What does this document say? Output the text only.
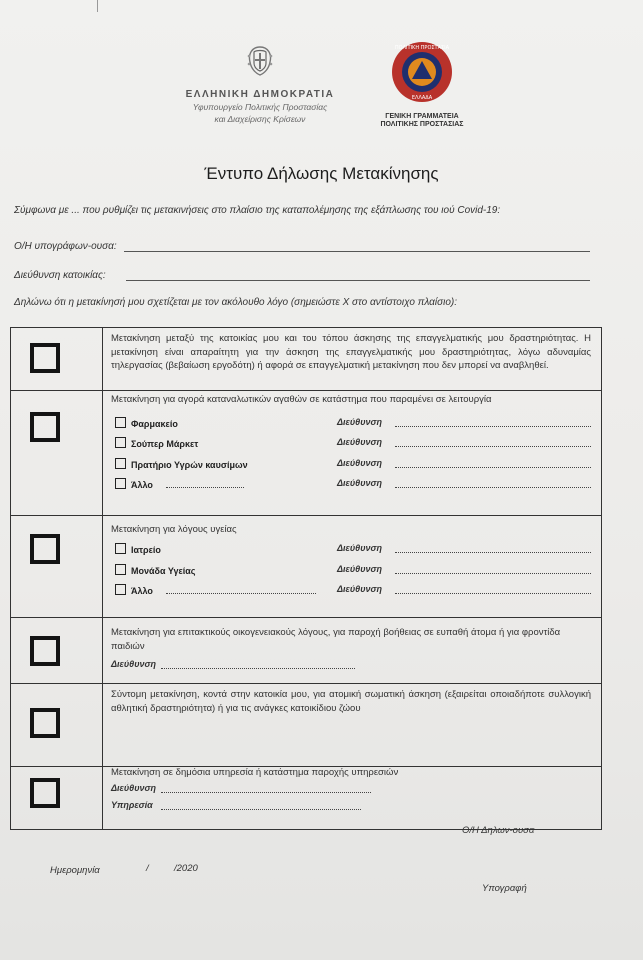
ΕΛΛΗΝΙΚΗ ΔΗΜΟΚΡΑΤΙΑ
Υφυπουργείο Πολιτικής Προστασίας
και Διαχείρισης Κρίσεων
ΠΟΛΙΤΙΚΗ ΠΡΟΣΤΑΣΙΑ
ΕΛΛΑΔΑ
ΓΕΝΙΚΗ ΓΡΑΜΜΑΤΕΙΑ
ΠΟΛΙΤΙΚΗΣ ΠΡΟΣΤΑΣΙΑΣ
Έντυπο Δήλωσης Μετακίνησης
Σύμφωνα με ... που ρυθμίζει τις μετακινήσεις στο πλαίσιο της καταπολέμησης της εξάπλωσης του ιού Covid-19:
Ο/Η υπογράφων-ουσα:
Διεύθυνση κατοικίας:
Δηλώνω ότι η μετακίνησή μου σχετίζεται με τον ακόλουθο λόγο (σημειώστε Χ στο αντίστοιχο πλαίσιο):
Μετακίνηση μεταξύ της κατοικίας μου και του τόπου άσκησης της επαγγελματικής μου δραστηριότητας. Η μετακίνηση είναι απαραίτητη για την άσκηση της επαγγελματικής μου δραστηριότητας, λόγω αδυναμίας τηλεργασίας (βεβαίωση εργοδότη) ή αφορά σε επαγγελματική μετακίνηση που δεν μπορεί να αναβληθεί.
Μετακίνηση για αγορά καταναλωτικών αγαθών σε κατάστημα που παραμένει σε λειτουργία
Φαρμακείο	Διεύθυνση
Σούπερ Μάρκετ	Διεύθυνση
Πρατήριο Υγρών καυσίμων	Διεύθυνση
Άλλο	Διεύθυνση
Μετακίνηση για λόγους υγείας
Ιατρείο	Διεύθυνση
Μονάδα Υγείας	Διεύθυνση
Άλλο	Διεύθυνση
Μετακίνηση για επιτακτικούς οικογενειακούς λόγους, για παροχή βοήθειας σε ευπαθή άτομα ή για φροντίδα παιδιών
Διεύθυνση
Σύντομη μετακίνηση, κοντά στην κατοικία μου, για ατομική σωματική άσκηση (εξαιρείται οποιαδήποτε συλλογική αθλητική δραστηριότητα) ή για τις ανάγκες κατοικίδιου ζώου
Μετακίνηση σε δημόσια υπηρεσία ή κατάστημα παροχής υπηρεσιών
Διεύθυνση
Υπηρεσία
Ο/Η Δηλων-ουσα
Ημερομηνία	/	/2020
Υπογραφή
